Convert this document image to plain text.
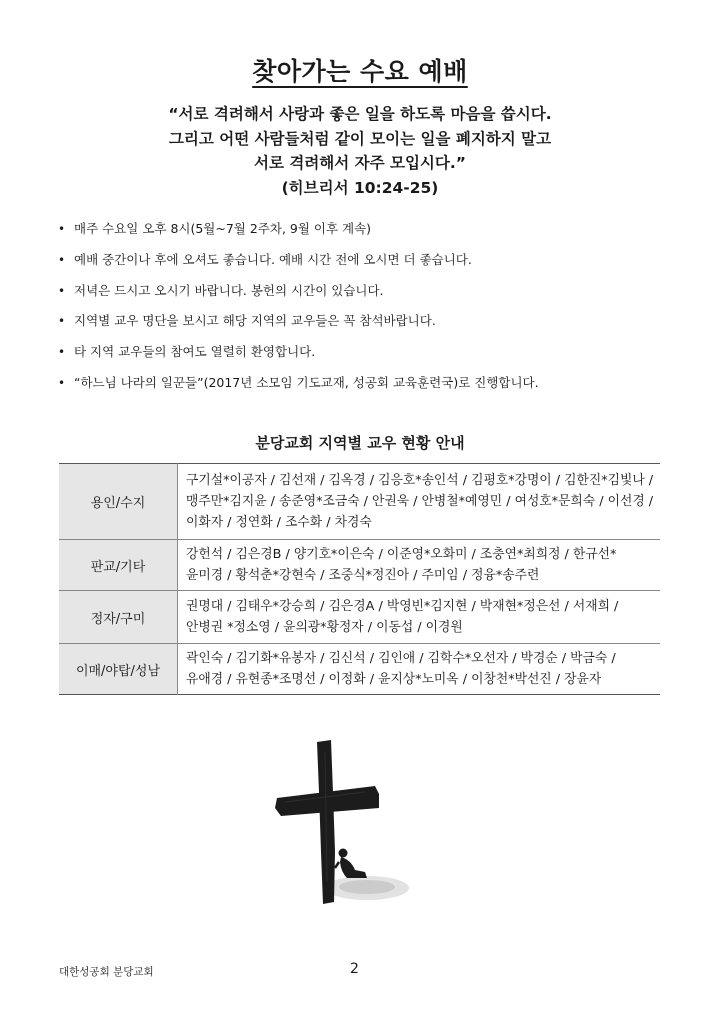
찾아가는 수요 예배
“서로 격려해서 사랑과 좋은 일을 하도록 마음을 씁시다.
그리고 어떤 사람들처럼 같이 모이는 일을 폐지하지 말고
서로 격려해서 자주 모입시다.”
(히브리서 10:24-25)
• 매주 수요일 오후 8시(5월~7월 2주차, 9월 이후 계속)
• 예배 중간이나 후에 오셔도 좋습니다. 예배 시간 전에 오시면 더 좋습니다.
• 저녁은 드시고 오시기 바랍니다. 봉헌의 시간이 있습니다.
• 지역별 교우 명단을 보시고 해당 지역의 교우들은 꼭 참석바랍니다.
• 타 지역 교우들의 참여도 열렬히 환영합니다.
• “하느님 나라의 일꾼들”(2017년 소모임 기도교재, 성공회 교육훈련국)로 진행합니다.
분당교회 지역별 교우 현황 안내
용인/수지	구기설*이공자 / 김선재 / 김옥경 / 김응호*송인석 / 김평호*강명이 / 김한진*김빛나 / 맹주만*김지윤 / 송준영*조금숙 / 안권욱 / 안병철*예영민 / 여성호*문희숙 / 이선경 / 이화자 / 정연화 / 조수화 / 차경숙
판교/기타	강헌석 / 김은경B / 양기호*이은숙 / 이준영*오화미 / 조충연*최희정 / 한규선* 윤미경 / 황석춘*강현숙 / 조중식*정진아 / 주미임 / 정융*송주련
정자/구미	권명대 / 김태우*강승희 / 김은경A / 박영빈*김지현 / 박재현*정은선 / 서재희 / 안병권 *정소영 / 윤의광*황정자 / 이동섭 / 이경원
이매/야탑/성남	곽인숙 / 김기화*유봉자 / 김신석 / 김인애 / 김학수*오선자 / 박경순 / 박금숙 / 유애경 / 유현종*조명선 / 이정화 / 윤지상*노미옥 / 이창천*박선진 / 장윤자
대한성공회 분당교회	2
